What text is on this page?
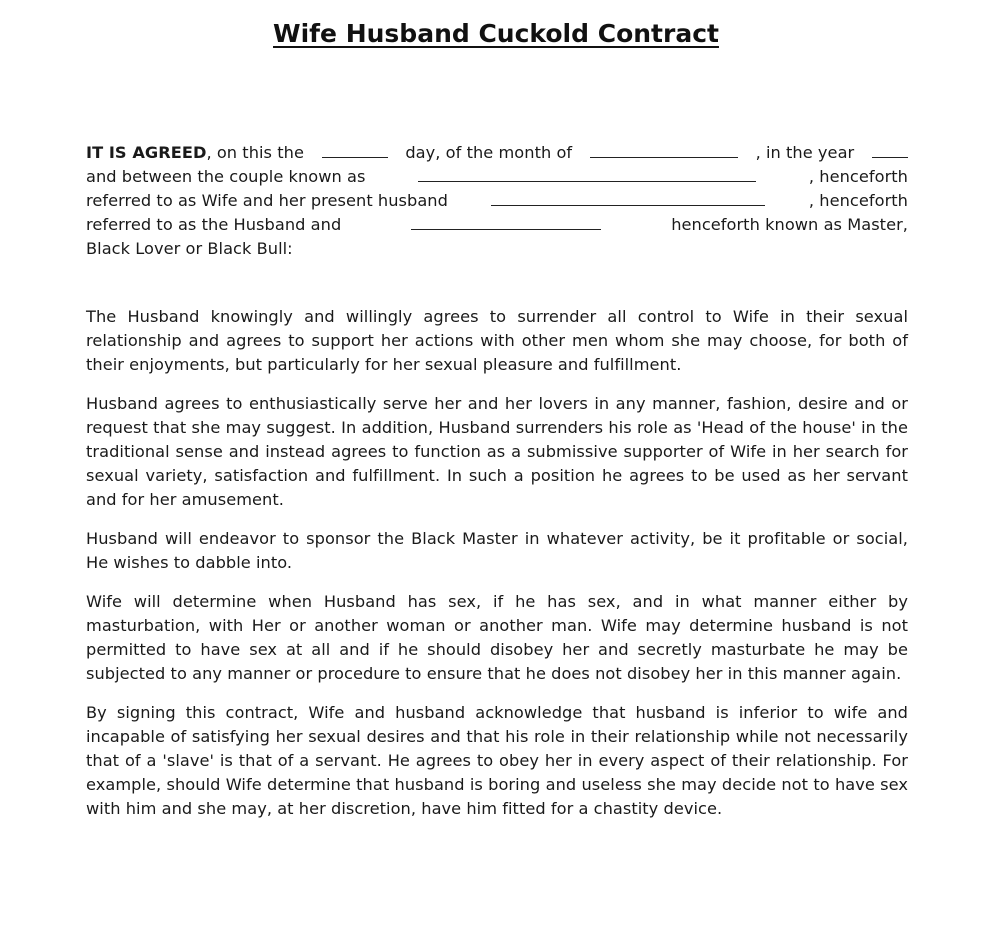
Wife Husband Cuckold Contract
IT IS AGREED, on this the	day, of the month of	, in the year
and between the couple known as	, henceforth
referred to as Wife and her present husband	, henceforth
referred to as the Husband and	henceforth known as Master,
Black Lover or Black Bull:

The Husband knowingly and willingly agrees to surrender all control to Wife in their sexual relationship and agrees to support her actions with other men whom she may choose, for both of their enjoyments, but particularly for her sexual pleasure and fulfillment.

Husband agrees to enthusiastically serve her and her lovers in any manner, fashion, desire and or request that she may suggest. In addition, Husband surrenders his role as 'Head of the house' in the traditional sense and instead agrees to function as a submissive supporter of Wife in her search for sexual variety, satisfaction and fulfillment. In such a position he agrees to be used as her servant and for her amusement.

Husband will endeavor to sponsor the Black Master in whatever activity, be it profitable or social, He wishes to dabble into.

Wife will determine when Husband has sex, if he has sex, and in what manner either by masturbation, with Her or another woman or another man. Wife may determine husband is not permitted to have sex at all and if he should disobey her and secretly masturbate he may be subjected to any manner or procedure to ensure that he does not disobey her in this manner again.

By signing this contract, Wife and husband acknowledge that husband is inferior to wife and incapable of satisfying her sexual desires and that his role in their relationship while not necessarily that of a 'slave' is that of a servant. He agrees to obey her in every aspect of their relationship. For example, should Wife determine that husband is boring and useless she may decide not to have sex with him and she may, at her discretion, have him fitted for a chastity device.
